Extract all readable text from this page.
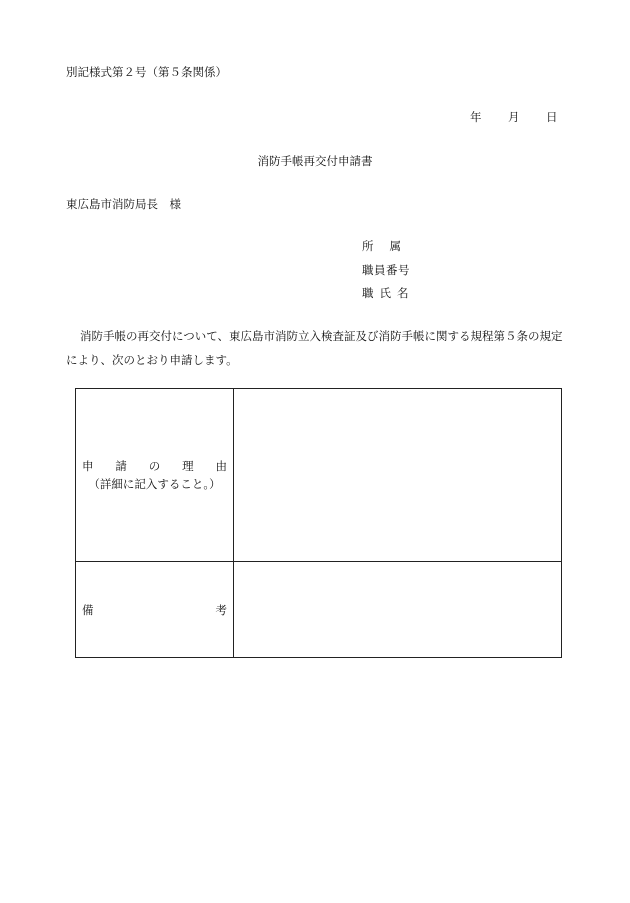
別記様式第２号（第５条関係）
年 月 日
消防手帳再交付申請書
東広島市消防局長　様
所属
職員番号
職氏名
消防手帳の再交付について、東広島市消防立入検査証及び消防手帳に関する規程第５条の規定により、次のとおり申請します。
申請の理由
（詳細に記入すること。）	

備 考	
